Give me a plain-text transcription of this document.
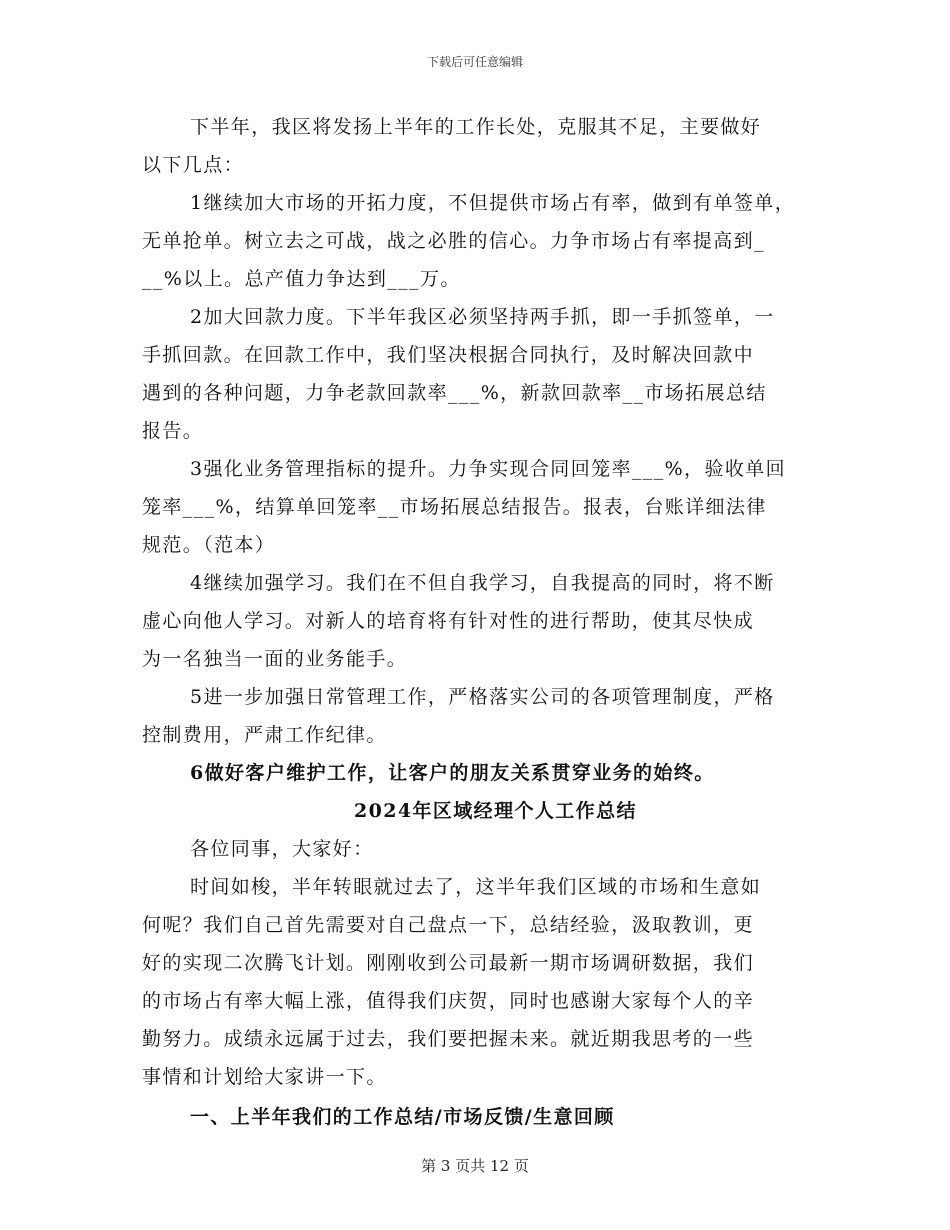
下载后可任意编辑
下半年，我区将发扬上半年的工作长处，克服其不足，主要做好
以下几点：
1继续加大市场的开拓力度，不但提供市场占有率，做到有单签单，
无单抢单。树立去之可战，战之必胜的信心。力争市场占有率提高到_
__%以上。总产值力争达到___万。
2加大回款力度。下半年我区必须坚持两手抓，即一手抓签单，一
手抓回款。在回款工作中，我们坚决根据合同执行，及时解决回款中
遇到的各种问题，力争老款回款率___%，新款回款率__市场拓展总结
报告。
3强化业务管理指标的提升。力争实现合同回笼率___%，验收单回
笼率___%，结算单回笼率__市场拓展总结报告。报表，台账详细法律
规范。（范本）
4继续加强学习。我们在不但自我学习，自我提高的同时，将不断
虚心向他人学习。对新人的培育将有针对性的进行帮助，使其尽快成
为一名独当一面的业务能手。
5进一步加强日常管理工作，严格落实公司的各项管理制度，严格
控制费用，严肃工作纪律。
6做好客户维护工作，让客户的朋友关系贯穿业务的始终。
2024年区域经理个人工作总结
各位同事，大家好：
时间如梭，半年转眼就过去了，这半年我们区域的市场和生意如
何呢？我们自己首先需要对自己盘点一下，总结经验，汲取教训，更
好的实现二次腾飞计划。刚刚收到公司最新一期市场调研数据，我们
的市场占有率大幅上涨，值得我们庆贺，同时也感谢大家每个人的辛
勤努力。成绩永远属于过去，我们要把握未来。就近期我思考的一些
事情和计划给大家讲一下。
一、上半年我们的工作总结/市场反馈/生意回顾
第 3 页共 12 页
